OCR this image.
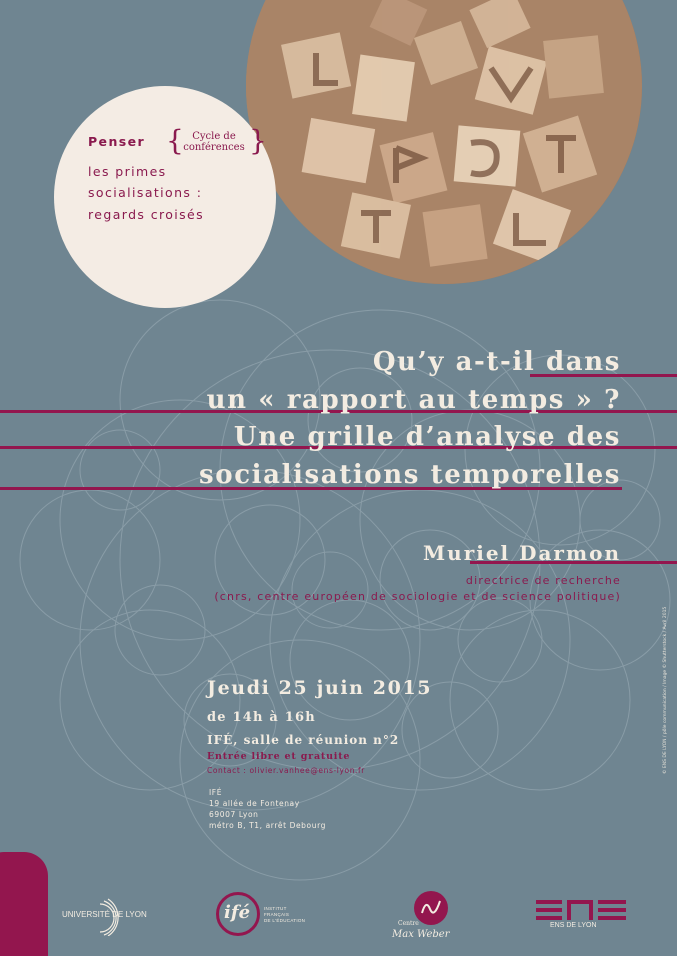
Penser { Cycle de
conférences }
les primes
socialisations :
regards croisés
Qu’y a-t-il dans
un « rapport au temps » ?
Une grille d’analyse des
socialisations temporelles
Muriel Darmon
directrice de recherche
(cnrs, centre européen de sociologie et de science politique)
Jeudi 25 juin 2015
de 14h à 16h
IFÉ, salle de réunion n°2
Entrée libre et gratuite
Contact : olivier.vanhee@ens-lyon.fr
IFÉ
19 allée de Fontenay
69007 Lyon
métro B, T1, arrêt Debourg
© ENS DE LYON / pôle communication / Image © Shutterstock / Avril 2015
UNIVERSITÉ DE LYON	ifé	INSTITUT
FRANÇAIS
DE L'ÉDUCATION	Centre
Max Weber
ENS DE LYON
